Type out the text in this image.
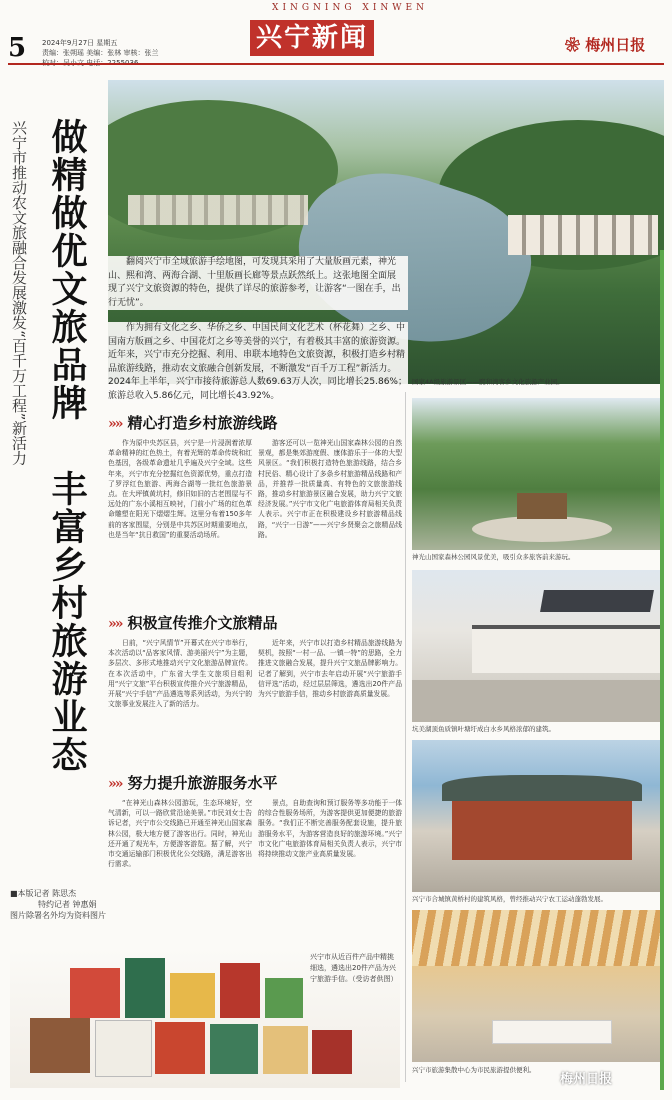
XINGNING XINWEN
5 2024年9月27日 星期五
责编：张朔瑶 美编：张林 审核：张兰	兴宁新闻	❀ 梅州日报
兴宁市推动农文旅融合发展激发“百千万工程”新活力 做精做优文旅品牌
丰富乡村旅游业态
■本版记者 陈思杰
特约记者 钟惠娟
图片除署名外均为资料图片
翻阅兴宁市全域旅游手绘地图，可发现其采用了大量版画元素，神光山、熙和湾、两海合湖、十里版画长廊等景点跃然纸上。这张地图全面展现了兴宁文旅资源的特色，提供了详尽的旅游参考，让游客“一图在手，出行无忧”。
作为拥有文化之乡、华侨之乡、中国民间文化艺术（杯花舞）之乡、中国南方版画之乡、中国花灯之乡等美誉的兴宁，有着极其丰富的旅游资源。近年来，兴宁市充分挖掘、利用、串联本地特色文旅资源，积极打造乡村精品旅游线路，推动农文旅融合创新发展，不断激发“百千万工程”新活力。2024年上半年，兴宁市接待旅游总人数69.63万人次，同比增长25.86%；旅游总收入5.86亿元，同比增长43.92%。
国家4A级旅游景区——熙和湾客乡文化旅游产业园。
»» 精心打造乡村旅游线路
作为原中央苏区县，兴宁是一片浸润着浓厚革命精神的红色热土，有着光辉的革命传统和红色基因，各级革命遗址几乎遍及兴宁全域。这些年来，兴宁市充分挖掘红色资源优势，重点打造了罗浮红色旅游、两海合湖等一批红色旅游景点。在大坪镇黄坑村，修旧如旧的古老围屋与不远处的广东小溪相互映衬，门前小广场的红色革命雕塑在阳光下熠熠生辉。这里分布着150多年前的客家围屋，分别是中共苏区时期重要地点，也是当年“抗日救国”的重要活动场所。
游客还可以一览神光山国家森林公园的自然景观，都是集郊游度假、康体游乐于一体的大型风景区。“我们积极打造特色旅游线路，结合乡村民俗、精心设计了多条乡村旅游精品线路和产品，并推荐一批质量高、有特色的文旅旅游线路，推动乡村旅游景区融合发展，助力兴宁文旅经济发展。”兴宁市文化广电旅游体育局相关负责人表示。兴宁市正在积极建设乡村旅游精品线路，“兴宁一日游”——兴宁乡贤聚会之旅精品线路。
»» 积极宣传推介文旅精品
日前，“兴宁风情节”开幕式在兴宁市举行，本次活动以“品客家风情、游美丽兴宁”为主题，多层次、多形式地推动兴宁文化旅游品牌宣传。在本次活动中，广东省大学生文旅项目组利用“兴宁文旅”平台积极宣传推介兴宁旅游精品，开展“兴宁手信”产品遴选等系列活动，为兴宁的文旅事业发展注入了新的活力。
近年来，兴宁市以打造乡村精品旅游线路为契机，按照“一村一品、一镇一特”的思路，全力推进文旅融合发展，提升兴宁文旅品牌影响力。记者了解到，兴宁市去年启动开展“兴宁旅游手信评选”活动，经过层层筛选，遴选出20件产品为兴宁旅游手信，推动乡村旅游高质量发展。
»» 努力提升旅游服务水平
“在神光山森林公园游玩，生态环境好，空气清新，可以一路欣赏沿途美景。”市民刘女士告诉记者，兴宁市公交线路已开通至神光山国家森林公园，极大地方便了游客出行。同时，神光山还开通了观光车，方便游客游览。据了解，兴宁市交通运输部门积极优化公交线路，满足游客出行需求。
景点，自助查询和预订服务等多功能于一体的综合性服务场所，为游客提供更加便捷的旅游服务。“我们正不断完善服务配套设施，提升旅游服务水平，为游客营造良好的旅游环境。”兴宁市文化广电旅游体育局相关负责人表示，兴宁市将持续推动文旅产业高质量发展。
神光山国家森林公园风景优美，吸引众多旅客前来游玩。
坑美湖顶鱼质镇叶塘圩成白水乡风格浓郁的建筑。
兴宁市合城镇黄桥村的建筑风格，曾经推动兴宁农工运动蓬勃发展。
兴宁市旅游集散中心为市民旅游提供便利。
梅州日报
兴宁市从近百件产品中精挑细选，遴选出20件产品为兴宁旅游手信。（受访者供图）
